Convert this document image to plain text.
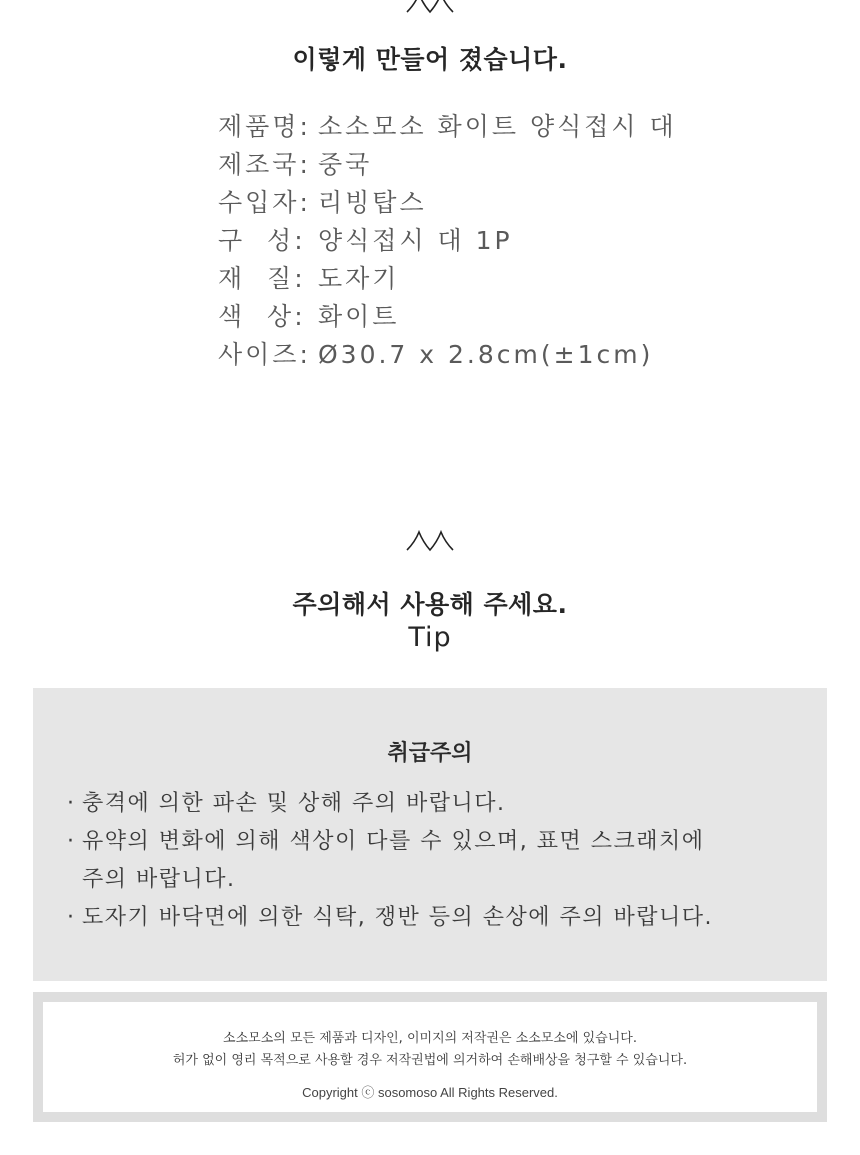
이렇게 만들어 졌습니다.
제품명: 소소모소 화이트 양식접시 대
제조국: 중국
수입자: 리빙탑스
구  성: 양식접시 대 1P
재  질: 도자기
색  상: 화이트
사이즈: Ø30.7 x 2.8cm(±1cm)
주의해서 사용해 주세요.
Tip
취급주의
· 충격에 의한 파손 및 상해 주의 바랍니다.
· 유약의 변화에 의해 색상이 다를 수 있으며, 표면 스크래치에
주의 바랍니다.
· 도자기 바닥면에 의한 식탁, 쟁반 등의 손상에 주의 바랍니다.
소소모소의 모든 제품과 디자인, 이미지의 저작권은 소소모소에 있습니다.
허가 없이 영리 목적으로 사용할 경우 저작권법에 의거하여 손해배상을 청구할 수 있습니다.
Copyright ⓒ sosomoso All Rights Reserved.
